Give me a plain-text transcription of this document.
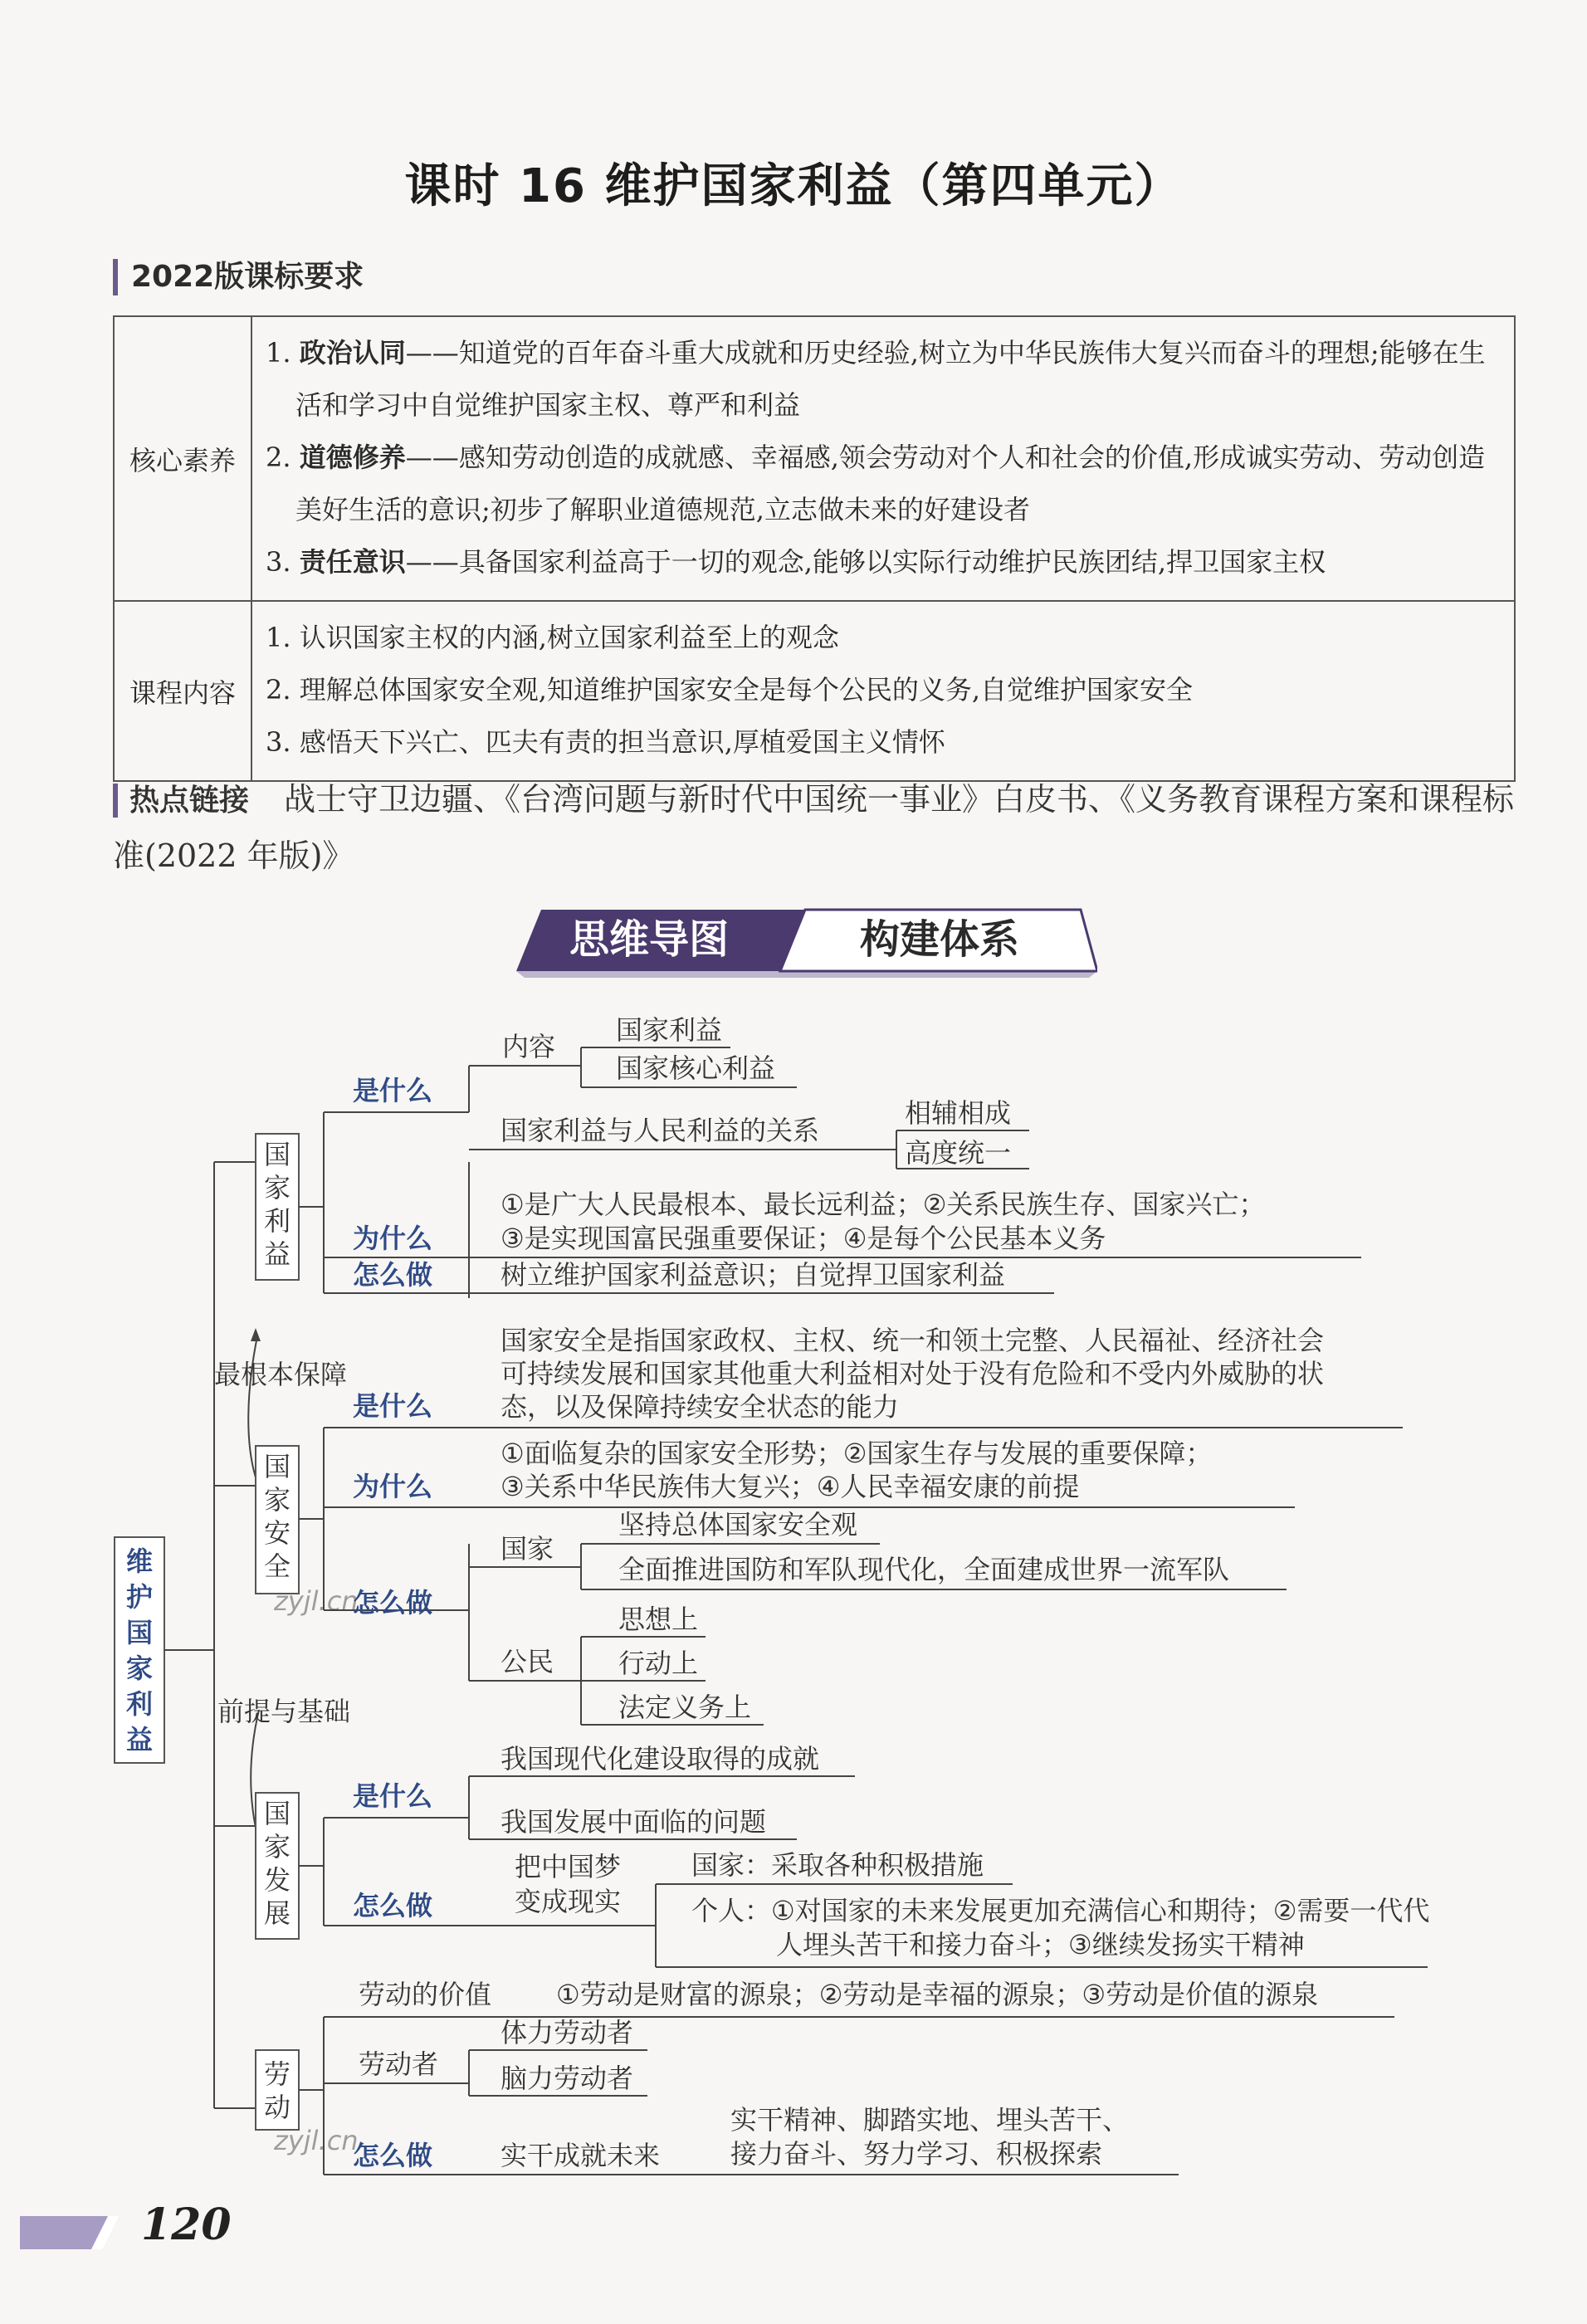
课时 16 维护国家利益（第四单元）
2022版课标要求
核心素养	1. 政治认同——知道党的百年奋斗重大成就和历史经验,树立为中华民族伟大复兴而奋斗的理想;能够在生活和学习中自觉维护国家主权、尊严和利益
2. 道德修养——感知劳动创造的成就感、幸福感,领会劳动对个人和社会的价值,形成诚实劳动、劳动创造美好生活的意识;初步了解职业道德规范,立志做未来的好建设者
3. 责任意识——具备国家利益高于一切的观念,能够以实际行动维护民族团结,捍卫国家主权

课程内容	1. 认识国家主权的内涵,树立国家利益至上的观念
2. 理解总体国家安全观,知道维护国家安全是每个公民的义务,自觉维护国家安全
3. 感悟天下兴亡、匹夫有责的担当意识,厚植爱国主义情怀
热点链接 战士守卫边疆、《台湾问题与新时代中国统一事业》白皮书、《义务教育课程方案和课程标准(2022 年版)》
思维导图	构建体系
维
护
国
家
利
益
国
家
利
益
是什么
内容
国家利益
国家核心利益
国家利益与人民利益的关系
相辅相成
高度统一
为什么
①是广大人民最根本、最长远利益；②关系民族生存、国家兴亡；
③是实现国富民强重要保证；④是每个公民基本义务
怎么做	树立维护国家利益意识；自觉捍卫国家利益
最根本保障
前提与基础
国
家
安
全
是什么
国家安全是指国家政权、主权、统一和领土完整、人民福祉、经济社会
可持续发展和国家其他重大利益相对处于没有危险和不受内外威胁的状
态，以及保障持续安全状态的能力
为什么
①面临复杂的国家安全形势；②国家生存与发展的重要保障；
③关系中华民族伟大复兴；④人民幸福安康的前提
怎么做
国家
坚持总体国家安全观
全面推进国防和军队现代化，全面建成世界一流军队
公民
思想上
行动上
法定义务上
国
家
发
展
是什么
我国现代化建设取得的成就
我国发展中面临的问题
怎么做
把中国梦
变成现实
国家：采取各种积极措施
个人：①对国家的未来发展更加充满信心和期待；②需要一代代
人埋头苦干和接力奋斗；③继续发扬实干精神
劳
动
劳动的价值 ①劳动是财富的源泉；②劳动是幸福的源泉；③劳动是价值的源泉
劳动者
体力劳动者
脑力劳动者
怎么做	实干成就未来
实干精神、脚踏实地、埋头苦干、
接力奋斗、努力学习、积极探索
zyjl.cn
zyjl.cn
120
